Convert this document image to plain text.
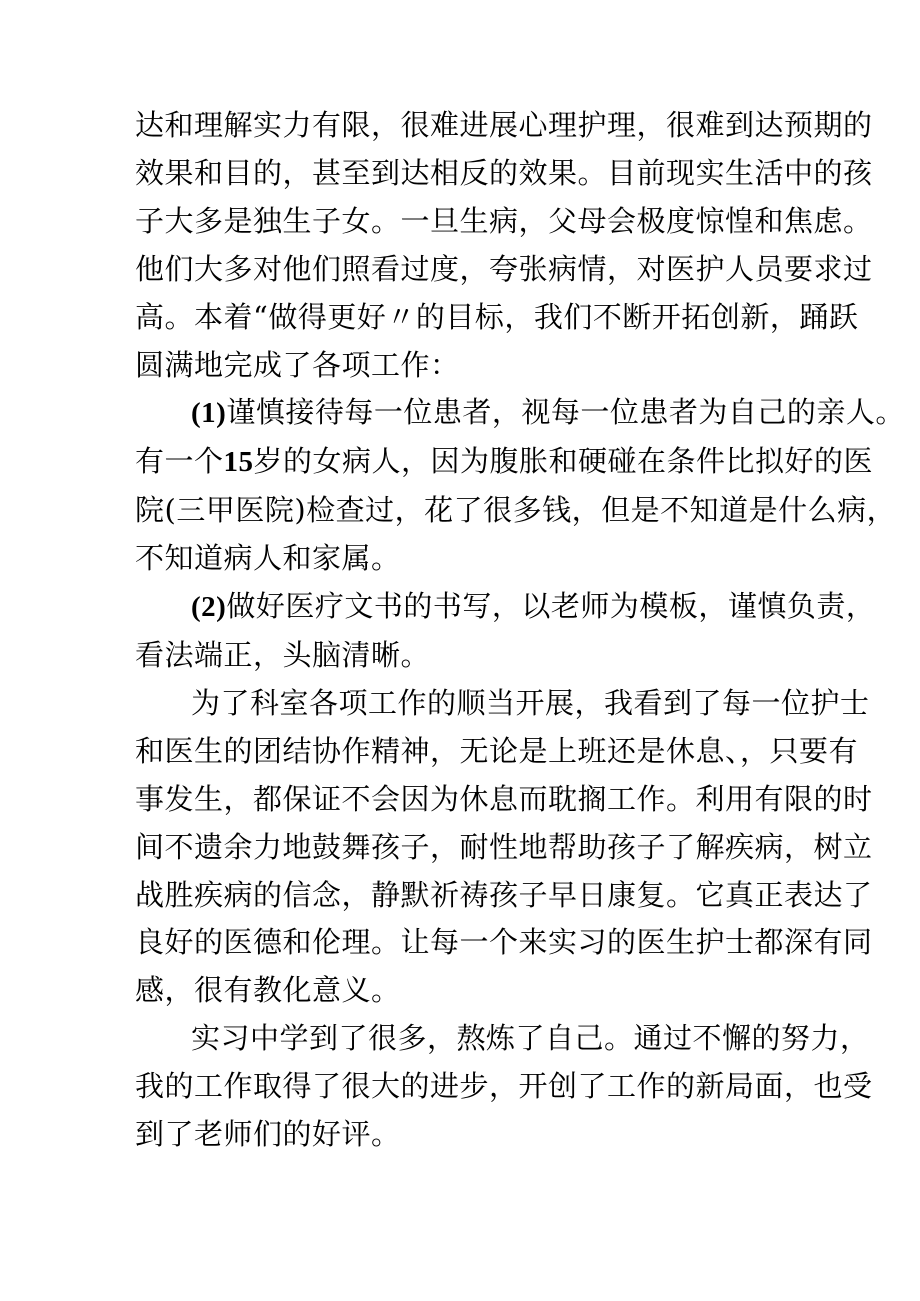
达和理解实力有限，很难进展心理护理，很难到达预期的
效果和目的，甚至到达相反的效果。目前现实生活中的孩
子大多是独生子女。一旦生病，父母会极度惊惶和焦虑。
他们大多对他们照看过度，夸张病情，对医护人员要求过
高。本着“做得更好〃的目标，我们不断开拓创新，踊跃
圆满地完成了各项工作：
(1)谨慎接待每一位患者，视每一位患者为自己的亲人。
有一个15岁的女病人，因为腹胀和硬碰在条件比拟好的医
院(三甲医院)检查过，花了很多钱，但是不知道是什么病，
不知道病人和家属。
(2)做好医疗文书的书写，以老师为模板，谨慎负责，
看法端正，头脑清晰。
为了科室各项工作的顺当开展，我看到了每一位护士
和医生的团结协作精神，无论是上班还是休息、，只要有
事发生，都保证不会因为休息而耽搁工作。利用有限的时
间不遗余力地鼓舞孩子，耐性地帮助孩子了解疾病，树立
战胜疾病的信念，静默祈祷孩子早日康复。它真正表达了
良好的医德和伦理。让每一个来实习的医生护士都深有同
感，很有教化意义。
实习中学到了很多，熬炼了自己。通过不懈的努力，
我的工作取得了很大的进步，开创了工作的新局面，也受
到了老师们的好评。
